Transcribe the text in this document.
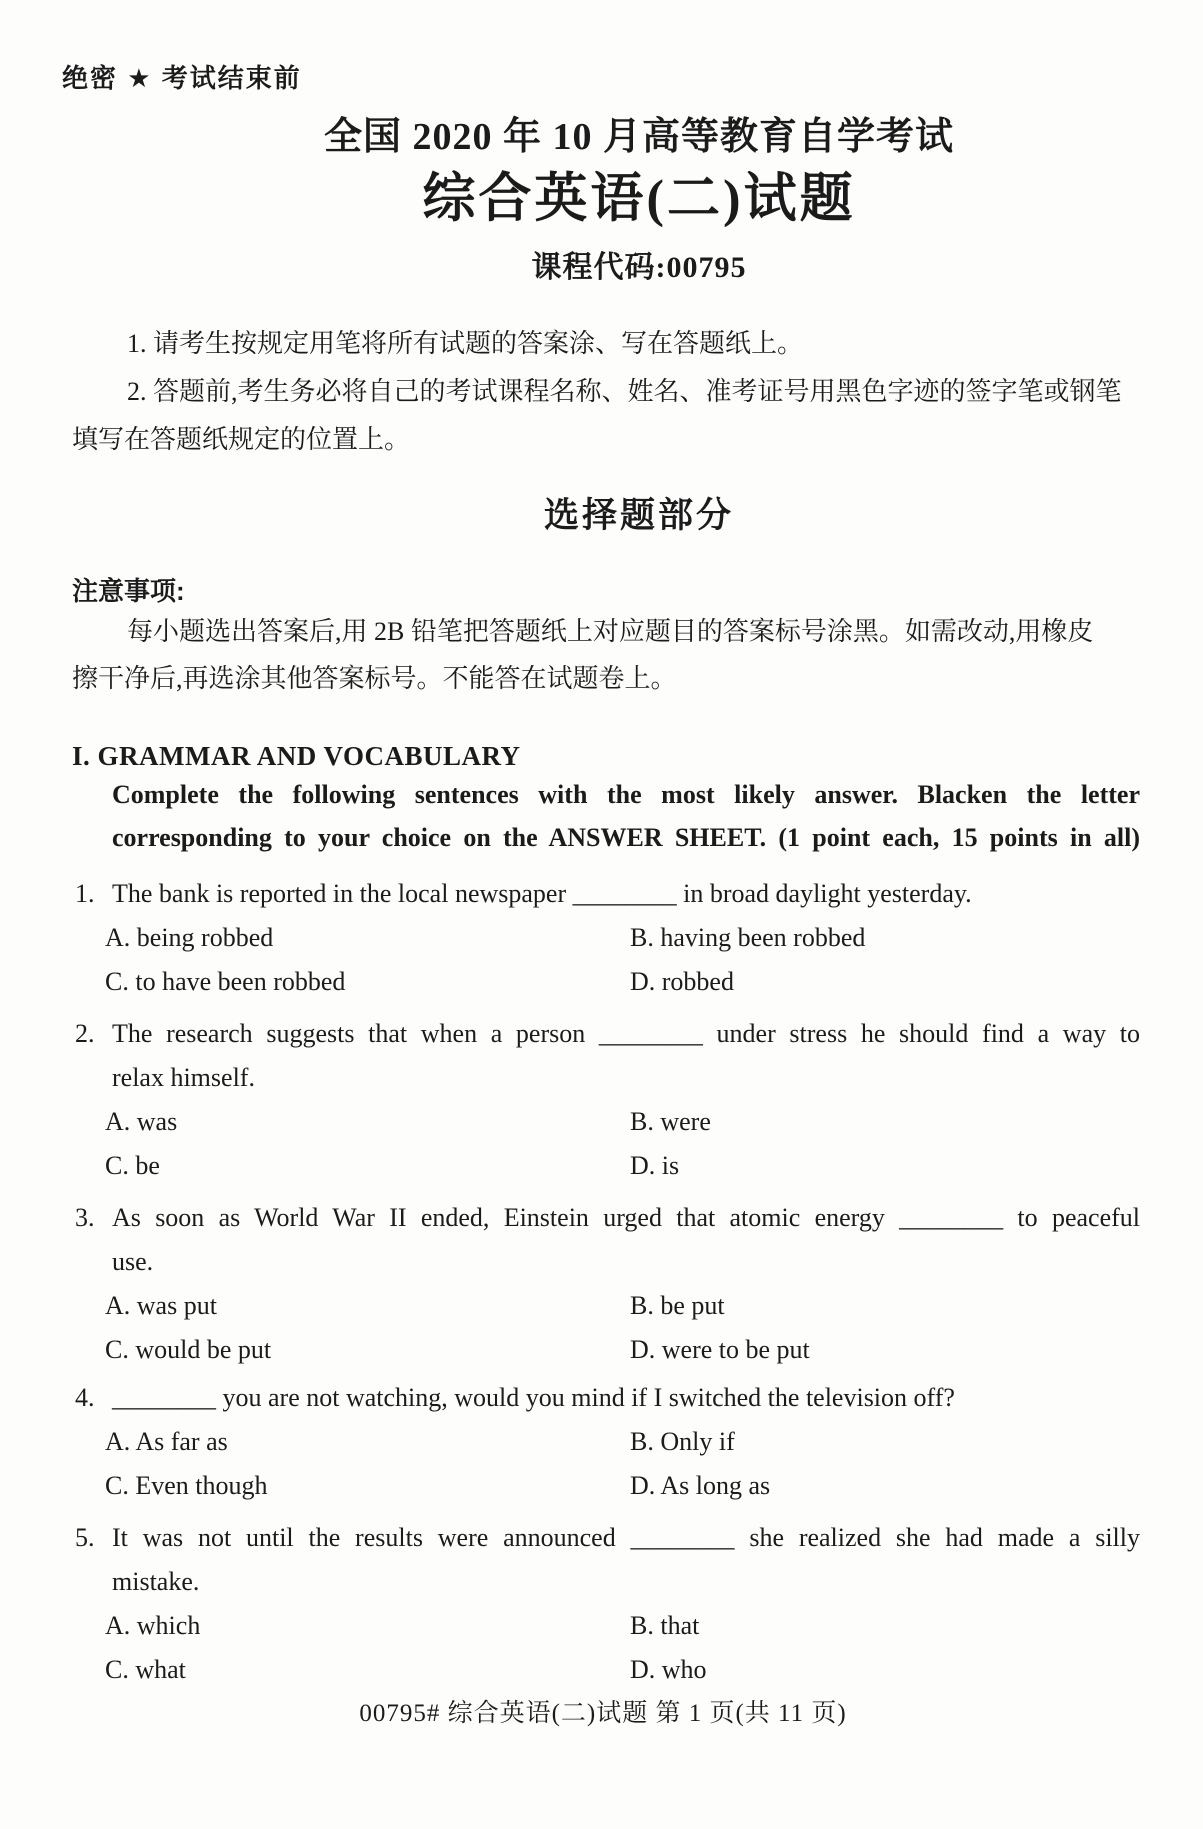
绝密 ★ 考试结束前
全国 2020 年 10 月高等教育自学考试
综合英语(二)试题
课程代码:00795
1. 请考生按规定用笔将所有试题的答案涂、写在答题纸上。
2. 答题前,考生务必将自己的考试课程名称、姓名、准考证号用黑色字迹的签字笔或钢笔
填写在答题纸规定的位置上。
选择题部分
注意事项:
每小题选出答案后,用 2B 铅笔把答题纸上对应题目的答案标号涂黑。如需改动,用橡皮
擦干净后,再选涂其他答案标号。不能答在试题卷上。
I. GRAMMAR AND VOCABULARY
Complete the following sentences with the most likely answer. Blacken the letter
corresponding to your choice on the ANSWER SHEET. (1 point each, 15 points in all)
1. The bank is reported in the local newspaper ________ in broad daylight yesterday.
A. being robbed	B. having been robbed
C. to have been robbed	D. robbed
2. The research suggests that when a person ________ under stress he should find a way to
relax himself.
A. was	B. were
C. be	D. is
3. As soon as World War II ended, Einstein urged that atomic energy ________ to peaceful
use.
A. was put	B. be put
C. would be put	D. were to be put
4. ________ you are not watching, would you mind if I switched the television off?
A. As far as	B. Only if
C. Even though	D. As long as
5. It was not until the results were announced ________ she realized she had made a silly
mistake.
A. which	B. that
C. what	D. who
00795# 综合英语(二)试题 第 1 页(共 11 页)
